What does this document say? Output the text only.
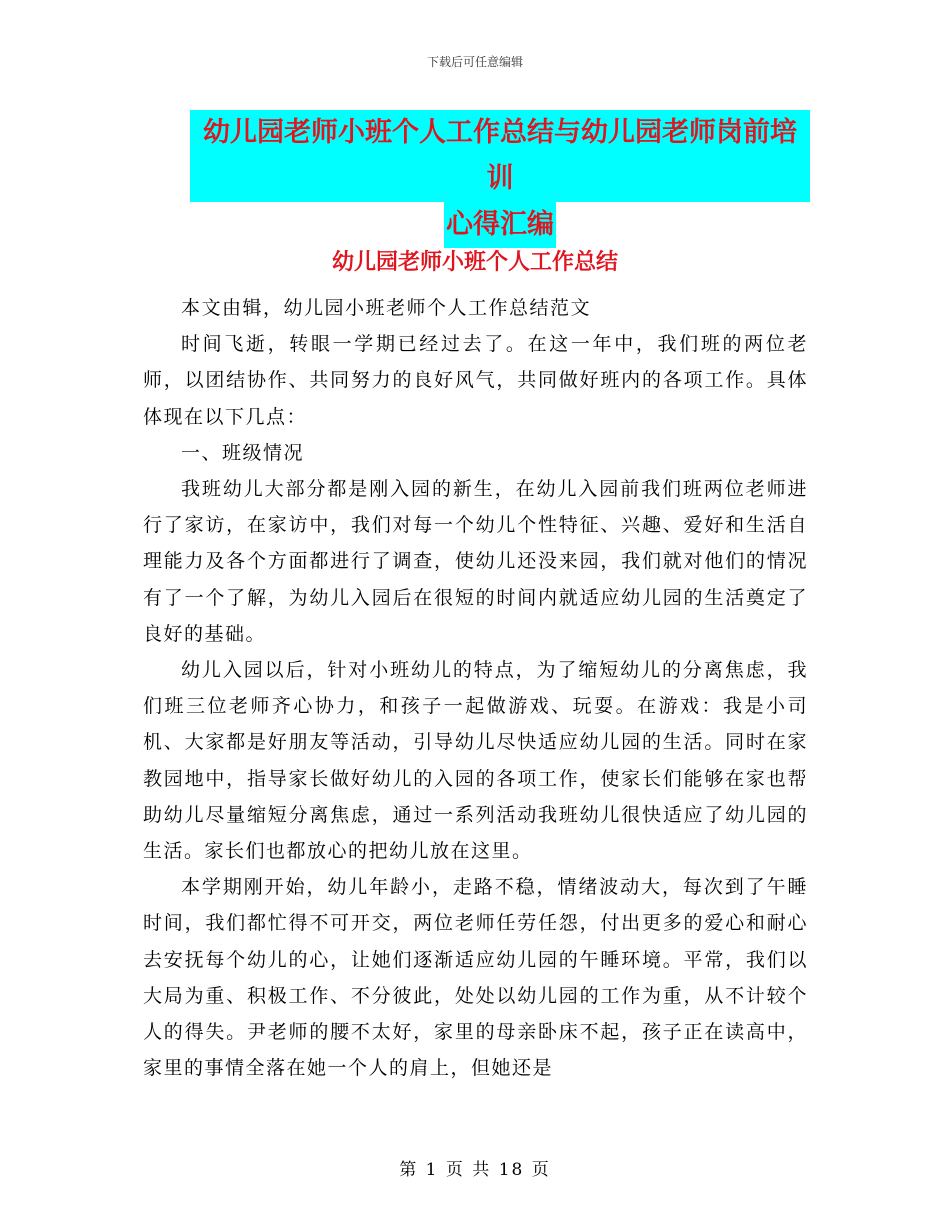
下载后可任意编辑
幼儿园老师小班个人工作总结与幼儿园老师岗前培训
心得汇编
幼儿园老师小班个人工作总结

本文由辑，幼儿园小班老师个人工作总结范文

时间飞逝，转眼一学期已经过去了。在这一年中，我们班的两位老师，以团结协作、共同努力的良好风气，共同做好班内的各项工作。具体体现在以下几点：

一、班级情况

我班幼儿大部分都是刚入园的新生，在幼儿入园前我们班两位老师进行了家访，在家访中，我们对每一个幼儿个性特征、兴趣、爱好和生活自理能力及各个方面都进行了调查，使幼儿还没来园，我们就对他们的情况有了一个了解，为幼儿入园后在很短的时间内就适应幼儿园的生活奠定了良好的基础。

幼儿入园以后，针对小班幼儿的特点，为了缩短幼儿的分离焦虑，我们班三位老师齐心协力，和孩子一起做游戏、玩耍。在游戏：我是小司机、大家都是好朋友等活动，引导幼儿尽快适应幼儿园的生活。同时在家教园地中，指导家长做好幼儿的入园的各项工作，使家长们能够在家也帮助幼儿尽量缩短分离焦虑，通过一系列活动我班幼儿很快适应了幼儿园的生活。家长们也都放心的把幼儿放在这里。

本学期刚开始，幼儿年龄小，走路不稳，情绪波动大，每次到了午睡时间，我们都忙得不可开交，两位老师任劳任怨，付出更多的爱心和耐心去安抚每个幼儿的心，让她们逐渐适应幼儿园的午睡环境。平常，我们以大局为重、积极工作、不分彼此，处处以幼儿园的工作为重，从不计较个人的得失。尹老师的腰不太好，家里的母亲卧床不起，孩子正在读高中，家里的事情全落在她一个人的肩上，但她还是

第 1 页 共 18 页
